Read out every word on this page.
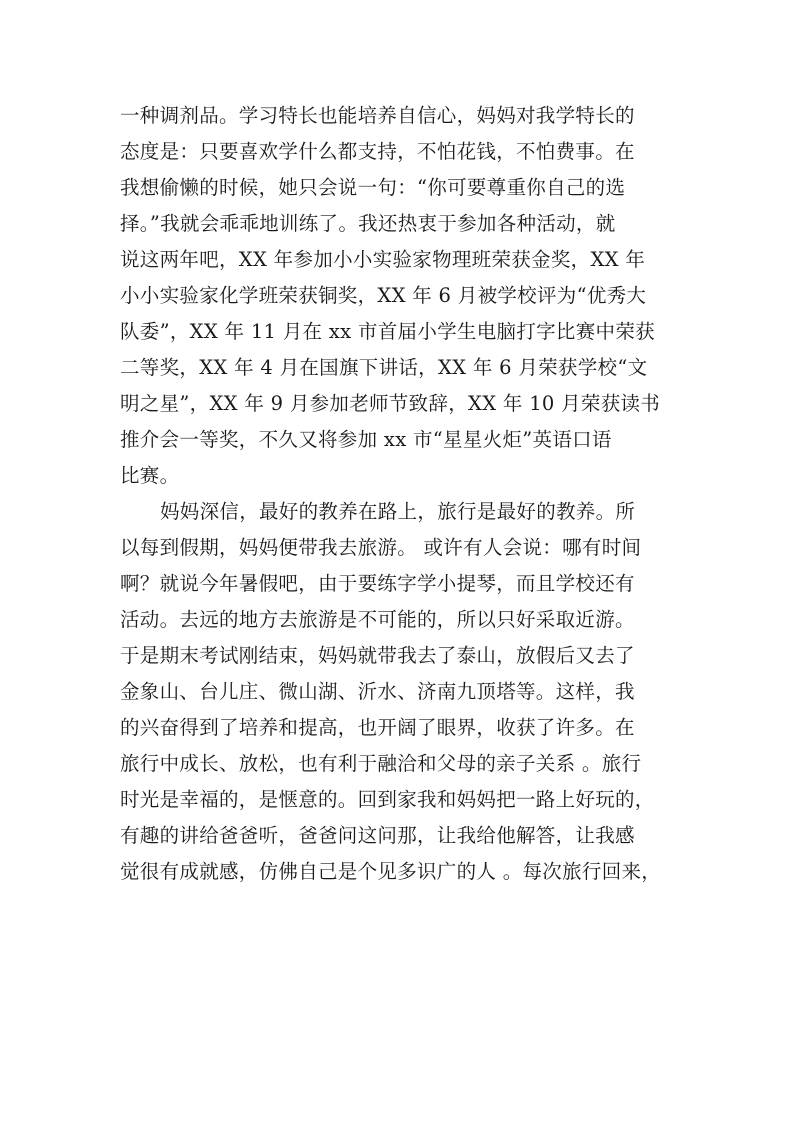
一种调剂品。学习特长也能培养自信心，妈妈对我学特长的
态度是：只要喜欢学什么都支持，不怕花钱，不怕费事。在
我想偷懒的时候，她只会说一句：“你可要尊重你自己的选
择。”我就会乖乖地训练了。我还热衷于参加各种活动，就
说这两年吧，XX 年参加小小实验家物理班荣获金奖，XX 年
小小实验家化学班荣获铜奖，XX 年 6 月被学校评为“优秀大
队委”，XX 年 11 月在 xx 市首届小学生电脑打字比赛中荣获
二等奖，XX 年 4 月在国旗下讲话，XX 年 6 月荣获学校“文
明之星”，XX 年 9 月参加老师节致辞，XX 年 10 月荣获读书
推介会一等奖，不久又将参加 xx 市“星星火炬”英语口语
比赛。
妈妈深信，最好的教养在路上，旅行是最好的教养。所
以每到假期，妈妈便带我去旅游。 或许有人会说：哪有时间
啊？就说今年暑假吧，由于要练字学小提琴，而且学校还有
活动。去远的地方去旅游是不可能的，所以只好采取近游。
于是期末考试刚结束，妈妈就带我去了泰山，放假后又去了
金象山、台儿庄、微山湖、沂水、济南九顶塔等。这样，我
的兴奋得到了培养和提高，也开阔了眼界，收获了许多。在
旅行中成长、放松，也有利于融洽和父母的亲子关系 。旅行
时光是幸福的，是惬意的。回到家我和妈妈把一路上好玩的，
有趣的讲给爸爸听，爸爸问这问那，让我给他解答，让我感
觉很有成就感，仿佛自己是个见多识广的人 。每次旅行回来，
